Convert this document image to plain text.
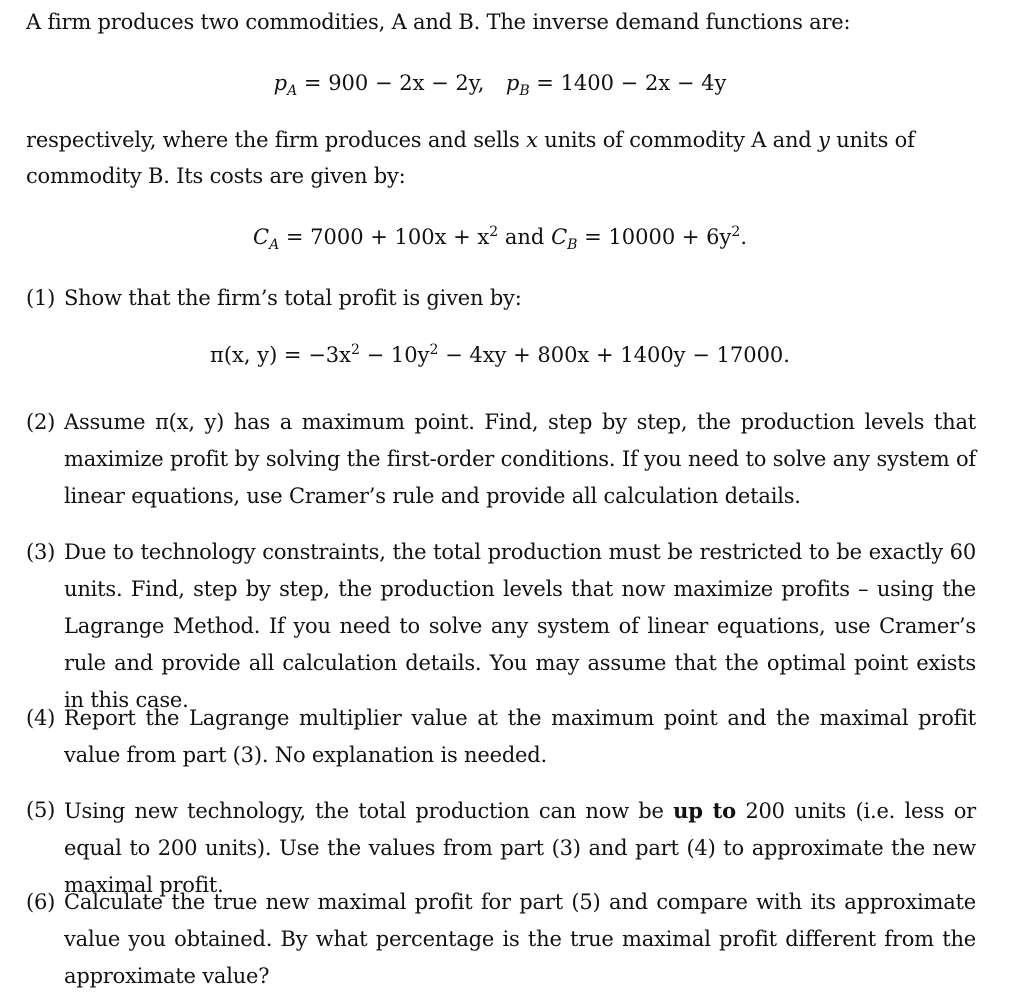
A firm produces two commodities, A and B. The inverse demand functions are:
$p_A = 900 - 2x - 2y$, $p_B = 1400 - 2x - 4y$
respectively, where the firm produces and sells x units of commodity A and y units of commodity B. Its costs are given by:
$C_A = 7000 + 100x + x^2$ and $C_B = 10000 + 6y^2$.
(1) Show that the firm’s total profit is given by:
π(x, $y) = -3x^2 - 10y^2 - 4xy + 800x + 1400y - 17000$.
(2) Assume π(x, y) has a maximum point. Find, step by step, the production levels that maximize profit by solving the first-order conditions. If you need to solve any system of linear equations, use Cramer’s rule and provide all calculation details.
(3) Due to technology constraints, the total production must be restricted to be exactly 60 units. Find, step by step, the production levels that now maximize profits – using the Lagrange Method. If you need to solve any system of linear equations, use Cramer’s rule and provide all calculation details. You may assume that the optimal point exists in this case.
(4) Report the Lagrange multiplier value at the maximum point and the maximal profit value from part (3). No explanation is needed.
(5) Using new technology, the total production can now be up to 200 units (i.e. less or equal to 200 units). Use the values from part (3) and part (4) to approximate the new maximal profit.
(6) Calculate the true new maximal profit for part (5) and compare with its approximate value you obtained. By what percentage is the true maximal profit different from the approximate value?
